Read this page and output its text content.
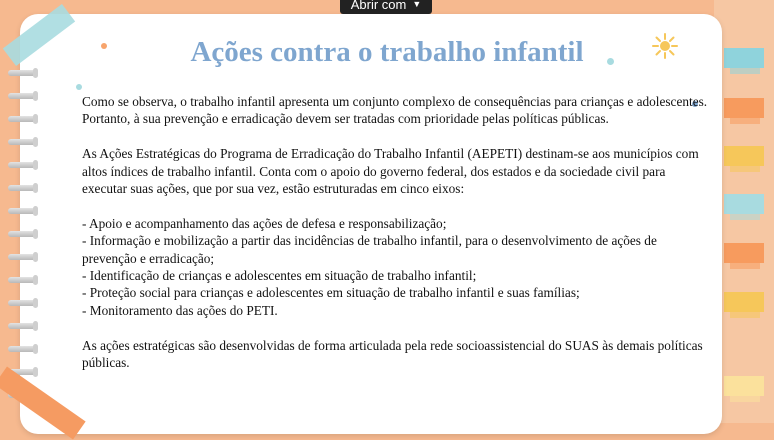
Abrir com ▼
Ações contra o trabalho infantil

Como se observa, o trabalho infantil apresenta um conjunto complexo de consequências para crianças e adolescentes. Portanto, à sua prevenção e erradicação devem ser tratadas com prioridade pelas políticas públicas.

As Ações Estratégicas do Programa de Erradicação do Trabalho Infantil (AEPETI) destinam-se aos municípios com altos índices de trabalho infantil. Conta com o apoio do governo federal, dos estados e da sociedade civil para executar suas ações, que por sua vez, estão estruturadas em cinco eixos:

- Apoio e acompanhamento das ações de defesa e responsabilização;

- Informação e mobilização a partir das incidências de trabalho infantil, para o desenvolvimento de ações de prevenção e erradicação;

- Identificação de crianças e adolescentes em situação de trabalho infantil;

- Proteção social para crianças e adolescentes em situação de trabalho infantil e suas famílias;

- Monitoramento das ações do PETI.

As ações estratégicas são desenvolvidas de forma articulada pela rede socioassistencial do SUAS às demais políticas públicas.
